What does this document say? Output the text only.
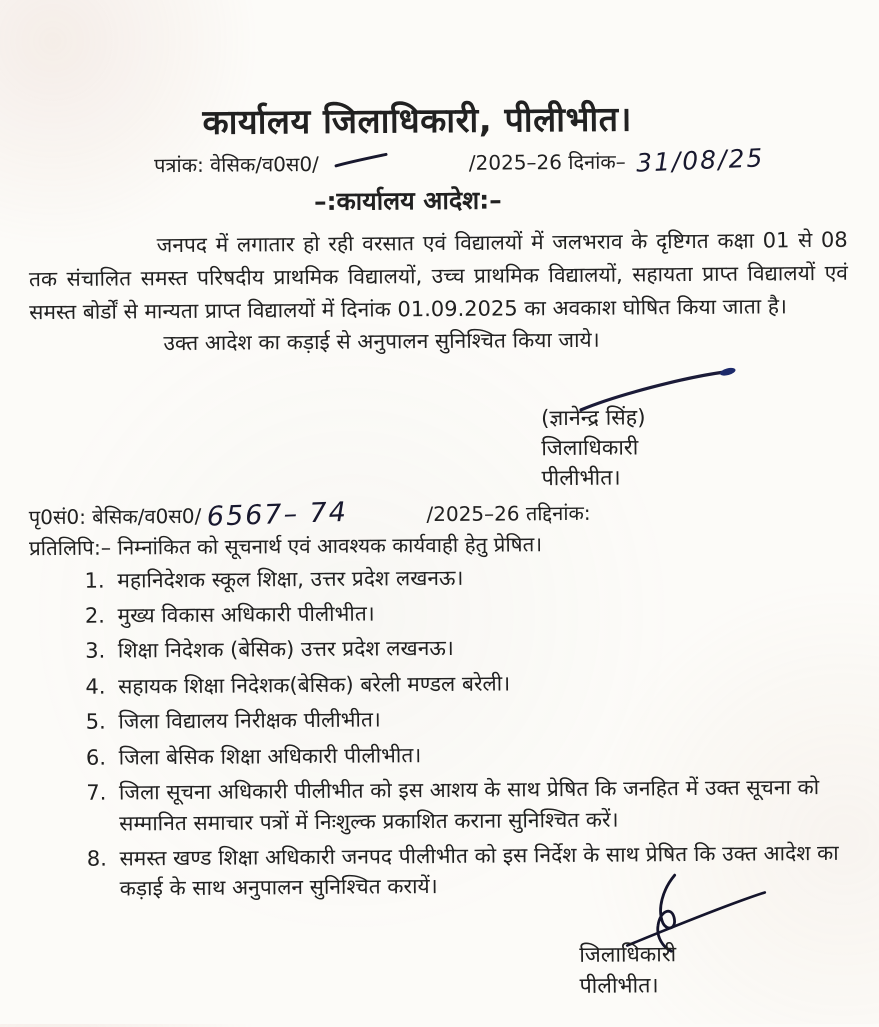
कार्यालय जिलाधिकारी, पीलीभीत।
पत्रांक: वेसिक/व0स0/	/2025–26 दिनांक– 31/08/25
–:कार्यालय आदेश:–

जनपद में लगातार हो रही वरसात एवं विद्यालयों में जलभराव के दृष्टिगत कक्षा 01 से 08 तक संचालित समस्त परिषदीय प्राथमिक विद्यालयों, उच्च प्राथमिक विद्यालयों, सहायता प्राप्त विद्यालयों एवं समस्त बोर्डों से मान्यता प्राप्त विद्यालयों में दिनांक 01.09.2025 का अवकाश घोषित किया जाता है।

उक्त आदेश का कड़ाई से अनुपालन सुनिश्चित किया जाये।

(ज्ञानेन्द्र सिंह)
जिलाधिकारी
पीलीभीत।
पृ0सं0: बेसिक/व0स0/ 6567– 74	/2025–26 तद्दिनांक:
प्रतिलिपि:– निम्नांकित को सूचनार्थ एवं आवश्यक कार्यवाही हेतु प्रेषित।
1. महानिदेशक स्कूल शिक्षा, उत्तर प्रदेश लखनऊ।
2. मुख्य विकास अधिकारी पीलीभीत।
3. शिक्षा निदेशक (बेसिक) उत्तर प्रदेश लखनऊ।
4. सहायक शिक्षा निदेशक(बेसिक) बरेली मण्डल बरेली।
5. जिला विद्यालय निरीक्षक पीलीभीत।
6. जिला बेसिक शिक्षा अधिकारी पीलीभीत।
7. जिला सूचना अधिकारी पीलीभीत को इस आशय के साथ प्रेषित कि जनहित में उक्त सूचना को सम्मानित समाचार पत्रों में निःशुल्क प्रकाशित कराना सुनिश्चित करें।
8. समस्त खण्ड शिक्षा अधिकारी जनपद पीलीभीत को इस निर्देश के साथ प्रेषित कि उक्त आदेश का कड़ाई के साथ अनुपालन सुनिश्चित करायें।
जिलाधिकारी
पीलीभीत।
